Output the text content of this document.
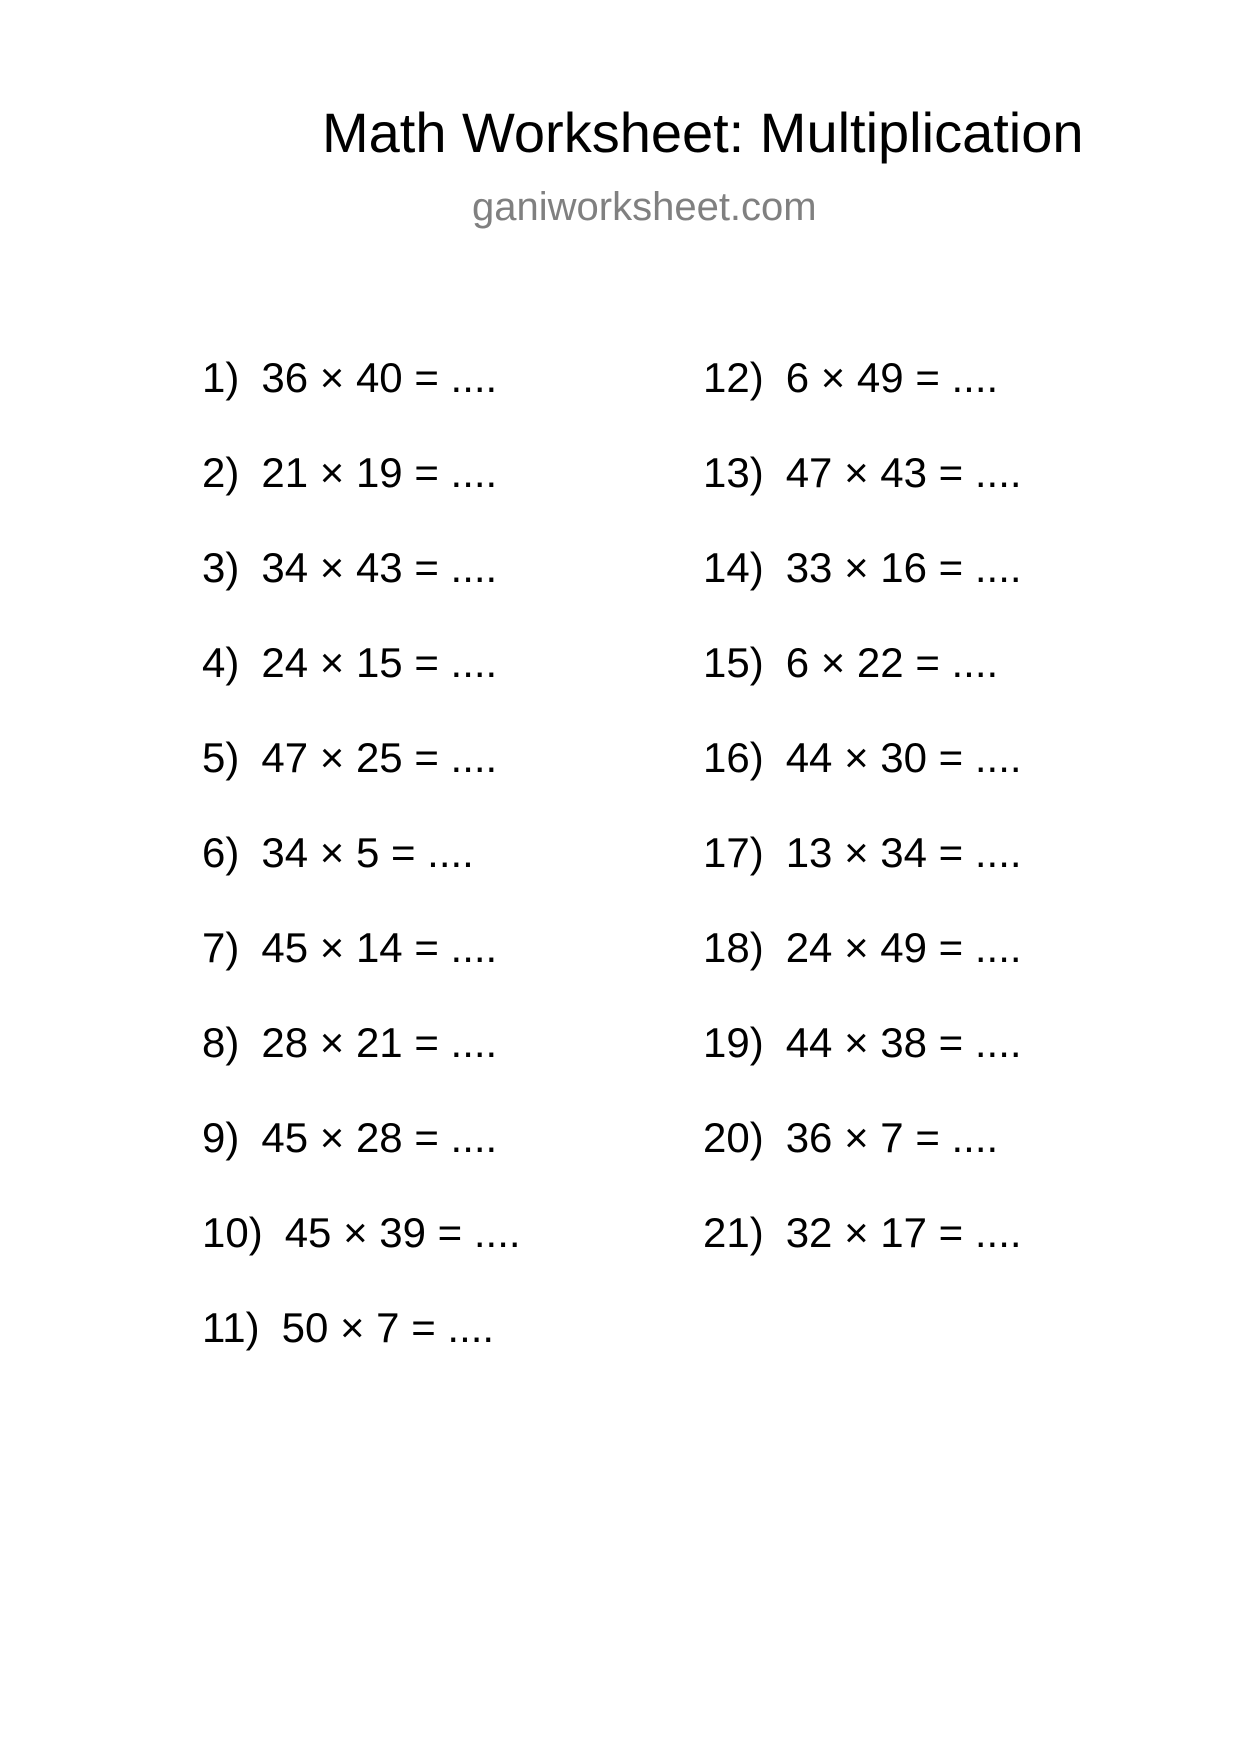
Math Worksheet: Multiplication
ganiworksheet.com
1) 36 × 40 = ....
2) 21 × 19 = ....
3) 34 × 43 = ....
4) 24 × 15 = ....
5) 47 × 25 = ....
6) 34 × 5 = ....
7) 45 × 14 = ....
8) 28 × 21 = ....
9) 45 × 28 = ....
10) 45 × 39 = ....
11) 50 × 7 = ....
12) 6 × 49 = ....
13) 47 × 43 = ....
14) 33 × 16 = ....
15) 6 × 22 = ....
16) 44 × 30 = ....
17) 13 × 34 = ....
18) 24 × 49 = ....
19) 44 × 38 = ....
20) 36 × 7 = ....
21) 32 × 17 = ....
